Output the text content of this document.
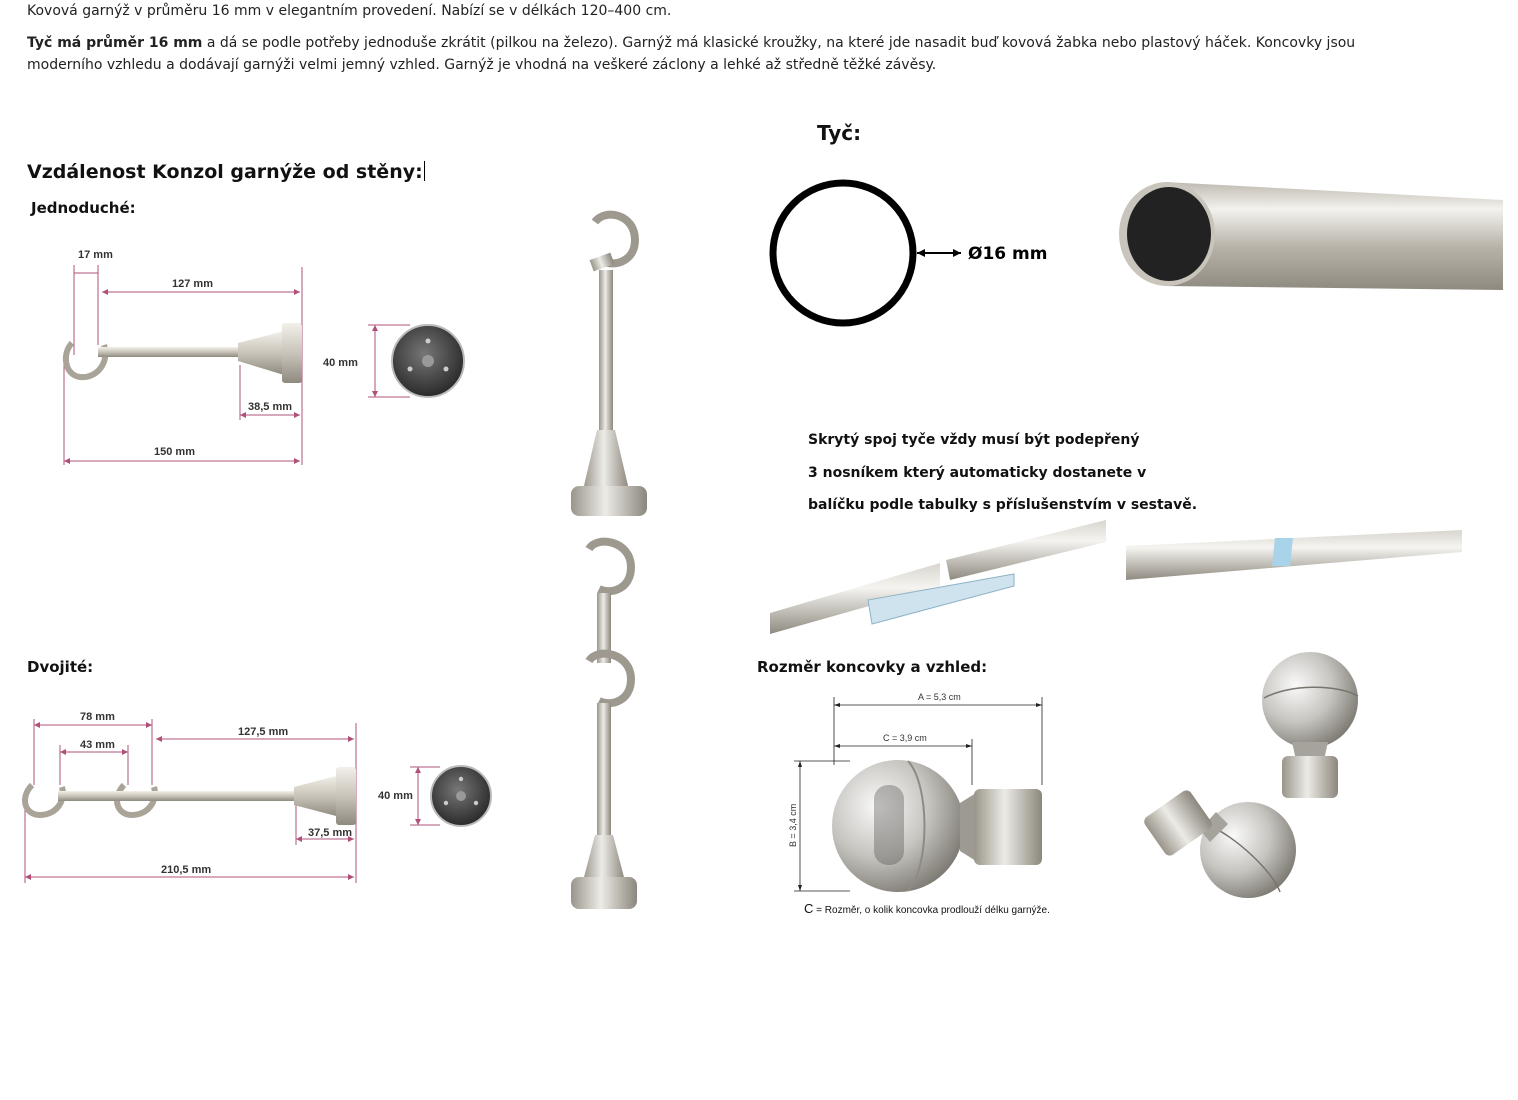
Kovová garnýž v průměru 16 mm v elegantním provedení. Nabízí se v délkách 120–400 cm.
Tyč má průměr 16 mm a dá se podle potřeby jednoduše zkrátit (pilkou na železo). Garnýž má klasické kroužky, na které jde nasadit buď kovová žabka nebo plastový háček. Koncovky jsou moderního vzhledu a dodávají garnýži velmi jemný vzhled. Garnýž je vhodná na veškeré záclony a lehké až středně těžké závěsy.
Tyč:
Vzdálenost Konzol garnýže od stěny:
Jednoduché:
Dvojité:	Rozměr koncovky a vzhled:
17 mm
127 mm
38,5 mm
150 mm
40 mm
Ø16 mm
Skrytý spoj tyče vždy musí být podepřený
3 nosníkem který automaticky dostanete v
balíčku podle tabulky s příslušenstvím v sestavě.
78 mm
43 mm
127,5 mm
37,5 mm
210,5 mm
40 mm
A = 5,3 cm
C = 3,9 cm
B = 3,4 cm
C = Rozměr, o kolik koncovka prodlouží délku garnýže.
